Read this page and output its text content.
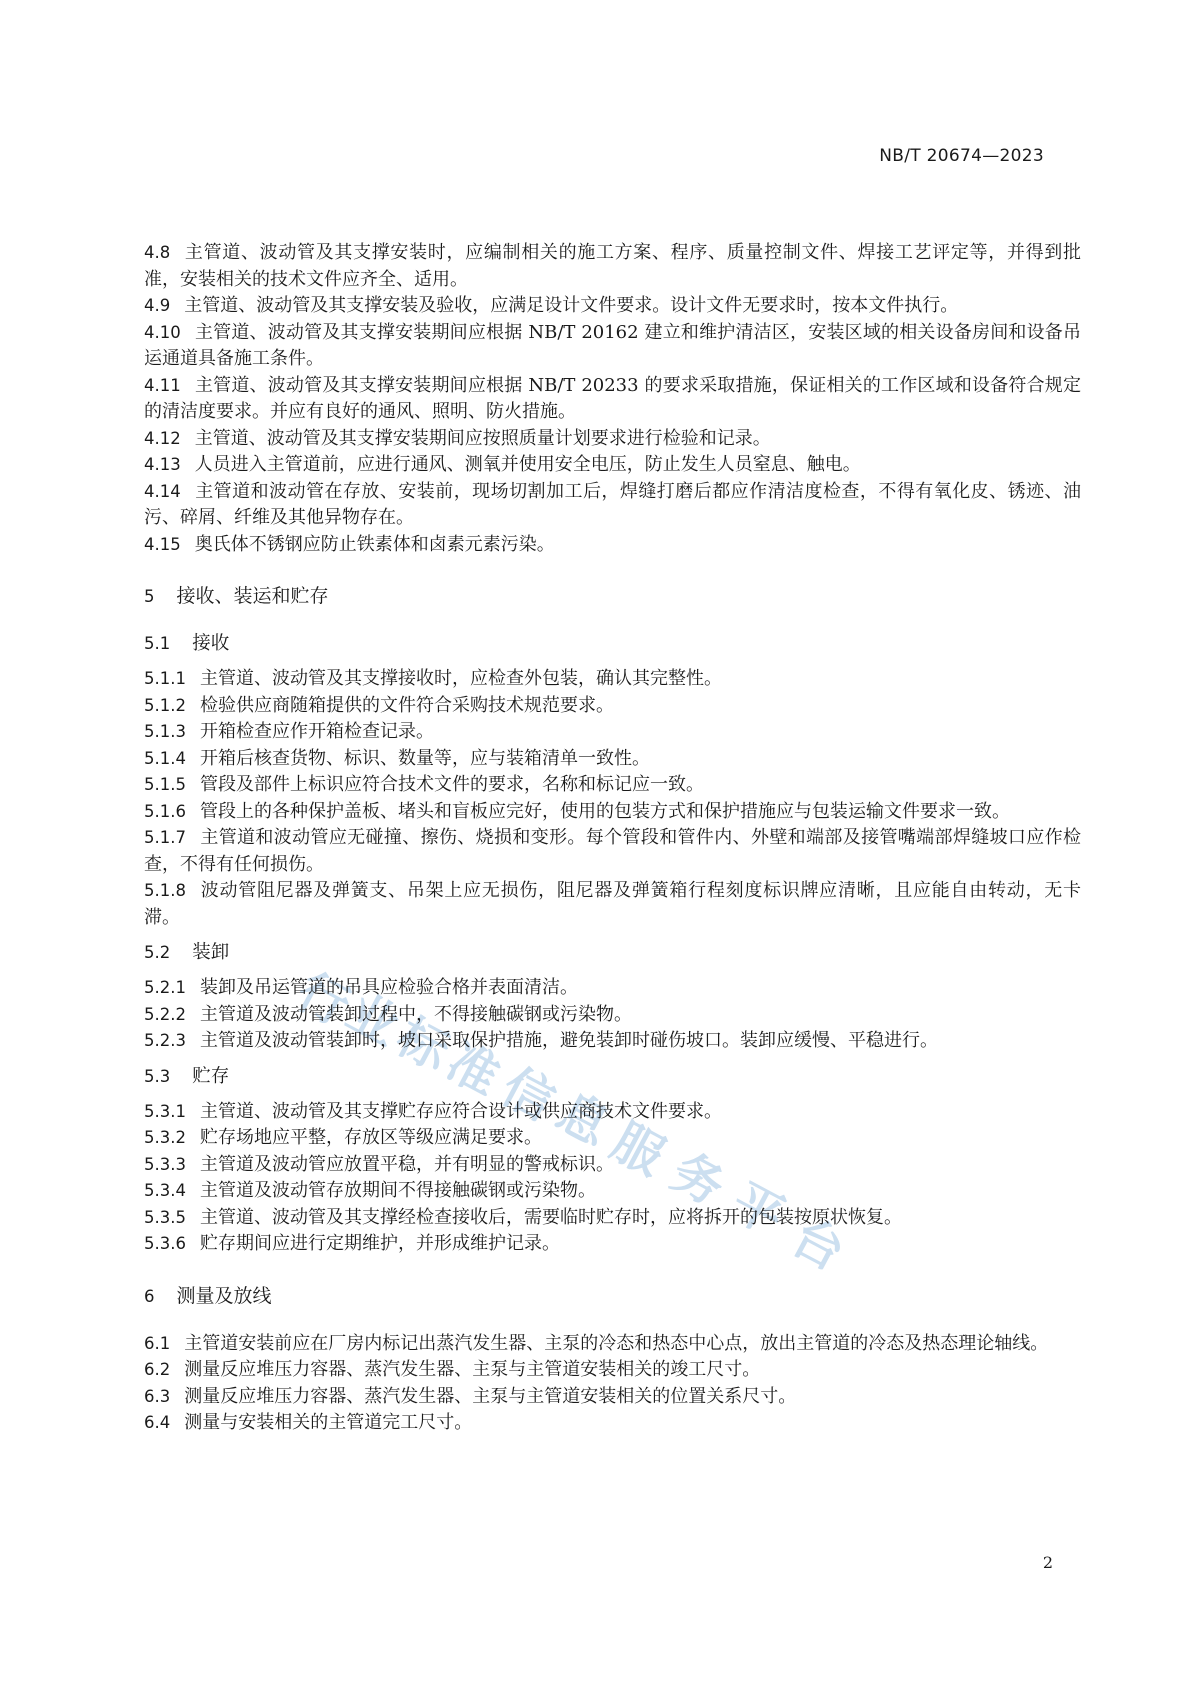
NB/T 20674—2023
行
业
标
准
信
息
服
务
平
台

4.8 主管道、波动管及其支撑安装时，应编制相关的施工方案、程序、质量控制文件、焊接工艺评定等，并得到批准，安装相关的技术文件应齐全、适用。

4.9 主管道、波动管及其支撑安装及验收，应满足设计文件要求。设计文件无要求时，按本文件执行。

4.10 主管道、波动管及其支撑安装期间应根据 NB/T 20162 建立和维护清洁区，安装区域的相关设备房间和设备吊运通道具备施工条件。

4.11 主管道、波动管及其支撑安装期间应根据 NB/T 20233 的要求采取措施，保证相关的工作区域和设备符合规定的清洁度要求。并应有良好的通风、照明、防火措施。

4.12 主管道、波动管及其支撑安装期间应按照质量计划要求进行检验和记录。

4.13 人员进入主管道前，应进行通风、测氧并使用安全电压，防止发生人员窒息、触电。

4.14 主管道和波动管在存放、安装前，现场切割加工后，焊缝打磨后都应作清洁度检查，不得有氧化皮、锈迹、油污、碎屑、纤维及其他异物存在。

4.15 奥氏体不锈钢应防止铁素体和卤素元素污染。

5 接收、装运和贮存

5.1 接收

5.1.1 主管道、波动管及其支撑接收时，应检查外包装，确认其完整性。

5.1.2 检验供应商随箱提供的文件符合采购技术规范要求。

5.1.3 开箱检查应作开箱检查记录。

5.1.4 开箱后核查货物、标识、数量等，应与装箱清单一致性。

5.1.5 管段及部件上标识应符合技术文件的要求，名称和标记应一致。

5.1.6 管段上的各种保护盖板、堵头和盲板应完好，使用的包装方式和保护措施应与包装运输文件要求一致。

5.1.7 主管道和波动管应无碰撞、擦伤、烧损和变形。每个管段和管件内、外壁和端部及接管嘴端部焊缝坡口应作检查，不得有任何损伤。

5.1.8 波动管阻尼器及弹簧支、吊架上应无损伤，阻尼器及弹簧箱行程刻度标识牌应清晰，且应能自由转动，无卡滞。

5.2 装卸

5.2.1 装卸及吊运管道的吊具应检验合格并表面清洁。

5.2.2 主管道及波动管装卸过程中，不得接触碳钢或污染物。

5.2.3 主管道及波动管装卸时，坡口采取保护措施，避免装卸时碰伤坡口。装卸应缓慢、平稳进行。

5.3 贮存

5.3.1 主管道、波动管及其支撑贮存应符合设计或供应商技术文件要求。

5.3.2 贮存场地应平整，存放区等级应满足要求。

5.3.3 主管道及波动管应放置平稳，并有明显的警戒标识。

5.3.4 主管道及波动管存放期间不得接触碳钢或污染物。

5.3.5 主管道、波动管及其支撑经检查接收后，需要临时贮存时，应将拆开的包装按原状恢复。

5.3.6 贮存期间应进行定期维护，并形成维护记录。

6 测量及放线

6.1 主管道安装前应在厂房内标记出蒸汽发生器、主泵的冷态和热态中心点，放出主管道的冷态及热态理论轴线。

6.2 测量反应堆压力容器、蒸汽发生器、主泵与主管道安装相关的竣工尺寸。

6.3 测量反应堆压力容器、蒸汽发生器、主泵与主管道安装相关的位置关系尺寸。

6.4 测量与安装相关的主管道完工尺寸。

2
